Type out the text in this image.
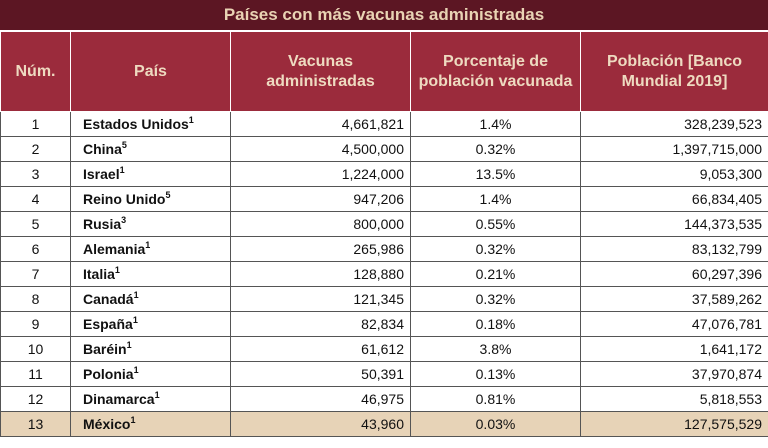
Países con más vacunas administradas
Núm.	País	Vacunas administradas	Porcentaje de población vacunada	Población [Banco Mundial 2019]
1	Estados Unidos$^1$	4,661,821	1.4%	328,239,523
2	China$^5$	4,500,000	0.32%	1,397,715,000
3	Israel$^1$	1,224,000	13.5%	9,053,300
4	Reino Unido$^5$	947,206	1.4%	66,834,405
5	Rusia$^3$	800,000	0.55%	144,373,535
6	Alemania$^1$	265,986	0.32%	83,132,799
7	Italia$^1$	128,880	0.21%	60,297,396
8	Canadá$^1$	121,345	0.32%	37,589,262
9	España$^1$	82,834	0.18%	47,076,781
10	Baréin$^1$	61,612	3.8%	1,641,172
11	Polonia$^1$	50,391	0.13%	37,970,874
12	Dinamarca$^1$	46,975	0.81%	5,818,553
13	México$^1$	43,960	0.03%	127,575,529
